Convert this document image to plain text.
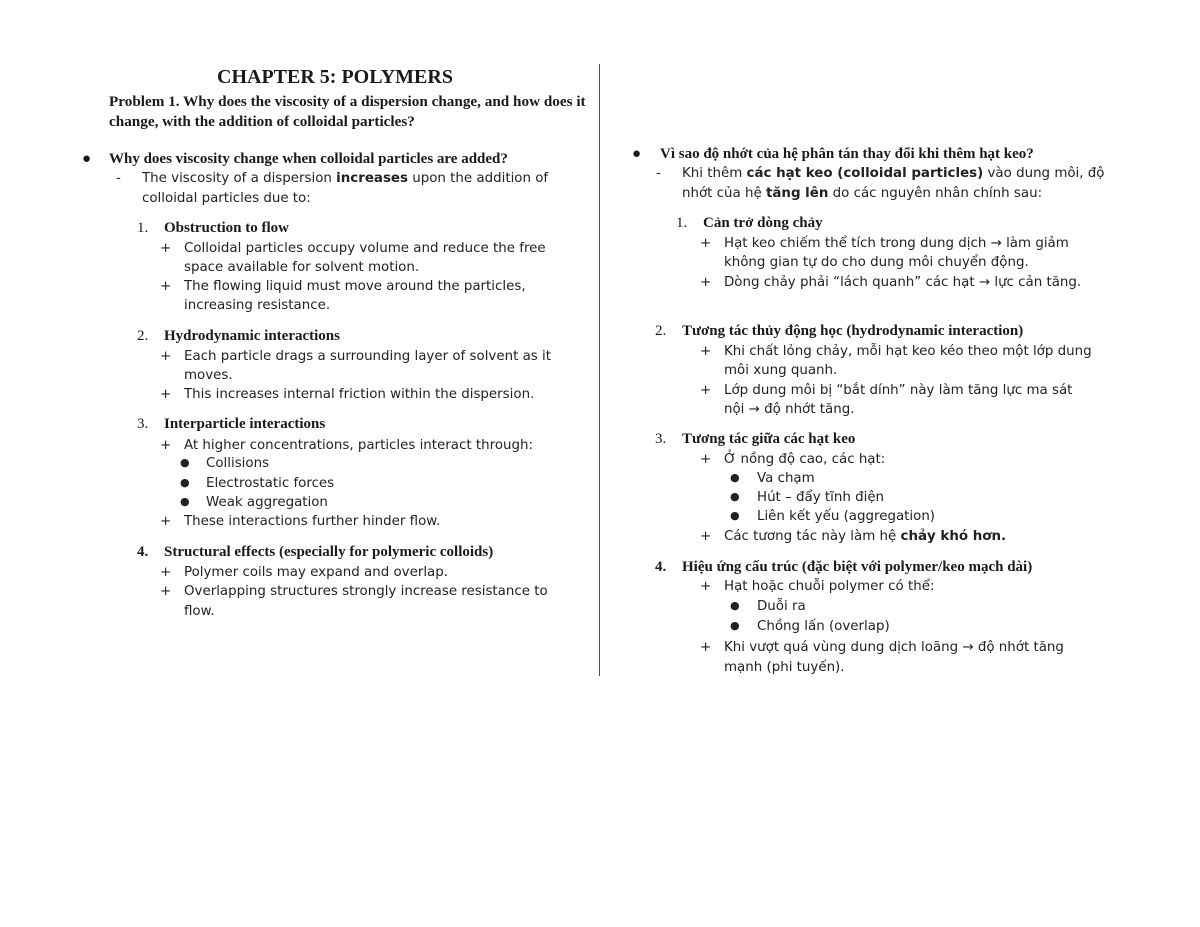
CHAPTER 5: POLYMERS
Problem 1. Why does the viscosity of a dispersion change, and how does it change, with the addition of colloidal particles?
● Why does viscosity change when colloidal particles are added?
- The viscosity of a dispersion increases upon the addition of
colloidal particles due to:
1. Obstruction to flow
+ Colloidal particles occupy volume and reduce the free
space available for solvent motion.
+ The flowing liquid must move around the particles,
increasing resistance.
2. Hydrodynamic interactions
+ Each particle drags a surrounding layer of solvent as it
moves.
+ This increases internal friction within the dispersion.
3. Interparticle interactions
+ At higher concentrations, particles interact through:
● Collisions
● Electrostatic forces
● Weak aggregation
+ These interactions further hinder flow.
4. Structural effects (especially for polymeric colloids)
+ Polymer coils may expand and overlap.
+ Overlapping structures strongly increase resistance to
flow.
● Vì sao độ nhớt của hệ phân tán thay đổi khi thêm hạt keo?
- Khi thêm các hạt keo (colloidal particles) vào dung môi, độ
nhớt của hệ tăng lên do các nguyên nhân chính sau:
1. Cản trở dòng chảy
+ Hạt keo chiếm thể tích trong dung dịch → làm giảm
không gian tự do cho dung môi chuyển động.
+ Dòng chảy phải “lách quanh” các hạt → lực cản tăng.
2. Tương tác thủy động học (hydrodynamic interaction)
+ Khi chất lỏng chảy, mỗi hạt keo kéo theo một lớp dung
môi xung quanh.
+ Lớp dung môi bị “bắt dính” này làm tăng lực ma sát
nội → độ nhớt tăng.
3. Tương tác giữa các hạt keo
+ Ở nồng độ cao, các hạt:
● Va chạm
● Hút – đẩy tĩnh điện
● Liên kết yếu (aggregation)
+ Các tương tác này làm hệ chảy khó hơn.
4. Hiệu ứng cấu trúc (đặc biệt với polymer/keo mạch dài)
+ Hạt hoặc chuỗi polymer có thể:
● Duỗi ra
● Chồng lấn (overlap)
+ Khi vượt quá vùng dung dịch loãng → độ nhớt tăng
mạnh (phi tuyến).
